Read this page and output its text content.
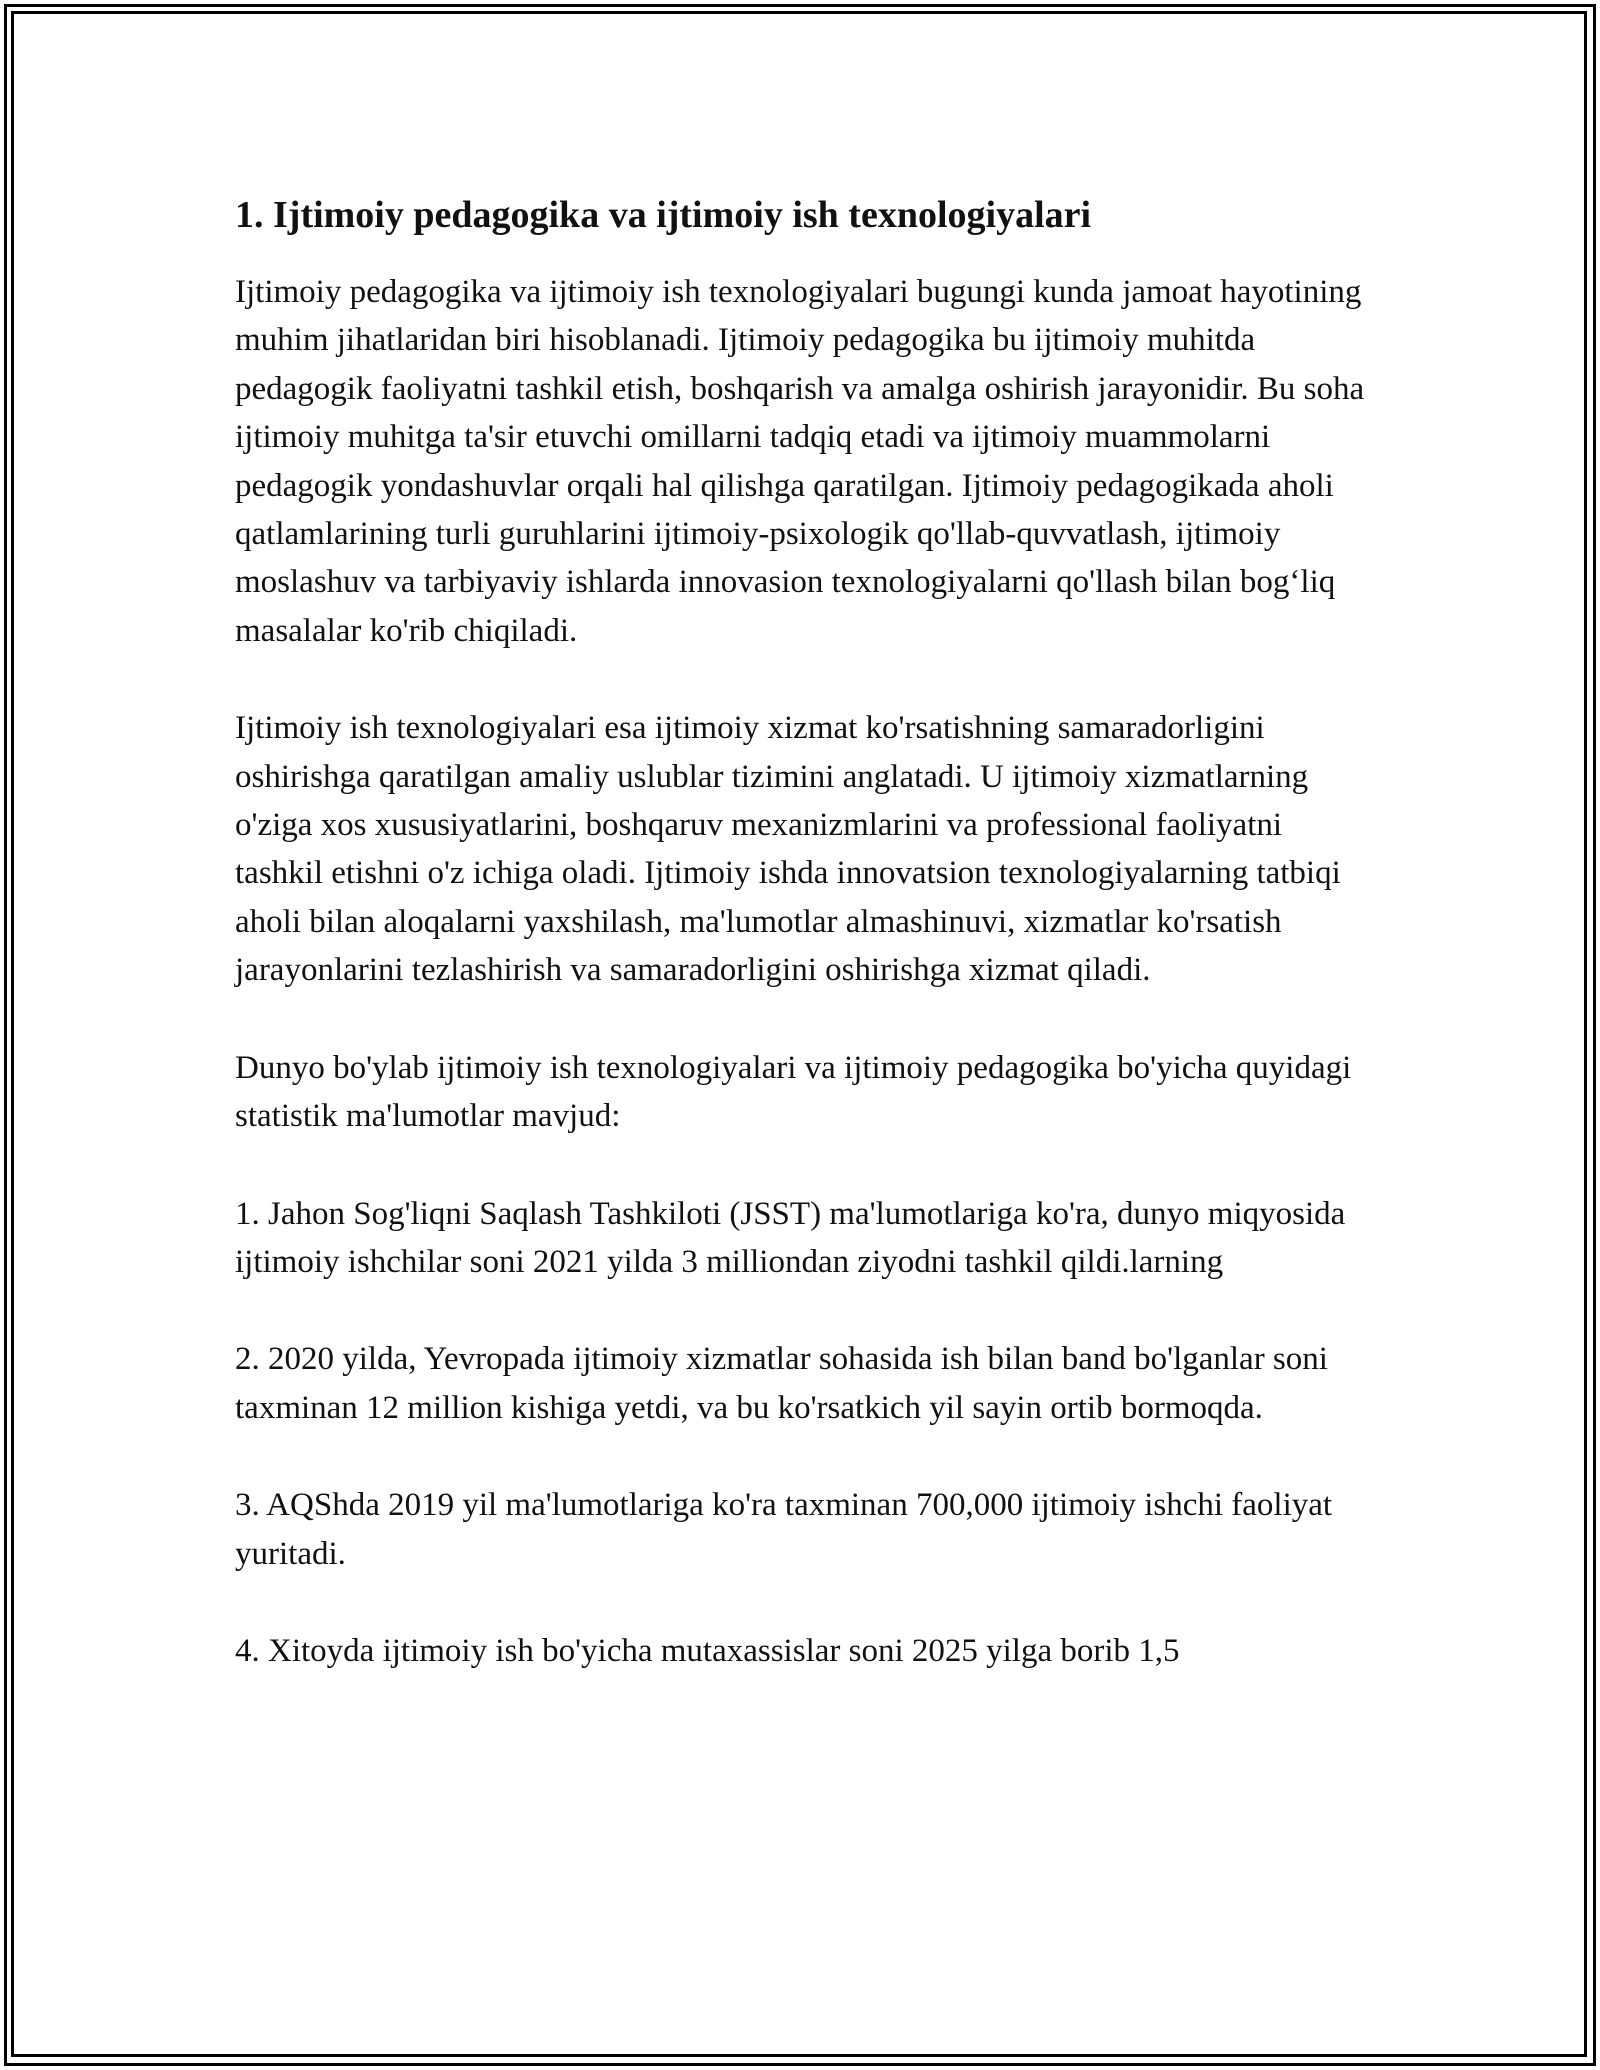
1. Ijtimoiy pedagogika va ijtimoiy ish texnologiyalari

Ijtimoiy pedagogika va ijtimoiy ish texnologiyalari bugungi kunda jamoat hayotining muhim jihatlaridan biri hisoblanadi. Ijtimoiy pedagogika bu ijtimoiy muhitda pedagogik faoliyatni tashkil etish, boshqarish va amalga oshirish jarayonidir. Bu soha ijtimoiy muhitga ta'sir etuvchi omillarni tadqiq etadi va ijtimoiy muammolarni pedagogik yondashuvlar orqali hal qilishga qaratilgan. Ijtimoiy pedagogikada aholi qatlamlarining turli guruhlarini ijtimoiy-psixologik qo'llab-quvvatlash, ijtimoiy moslashuv va tarbiyaviy ishlarda innovasion texnologiyalarni qo'llash bilan bog‘liq masalalar ko'rib chiqiladi.

Ijtimoiy ish texnologiyalari esa ijtimoiy xizmat ko'rsatishning samaradorligini oshirishga qaratilgan amaliy uslublar tizimini anglatadi. U ijtimoiy xizmatlarning o'ziga xos xususiyatlarini, boshqaruv mexanizmlarini va professional faoliyatni tashkil etishni o'z ichiga oladi. Ijtimoiy ishda innovatsion texnologiyalarning tatbiqi aholi bilan aloqalarni yaxshilash, ma'lumotlar almashinuvi, xizmatlar ko'rsatish jarayonlarini tezlashirish va samaradorligini oshirishga xizmat qiladi.

Dunyo bo'ylab ijtimoiy ish texnologiyalari va ijtimoiy pedagogika bo'yicha quyidagi statistik ma'lumotlar mavjud:

1. Jahon Sog'liqni Saqlash Tashkiloti (JSST) ma'lumotlariga ko'ra, dunyo miqyosida ijtimoiy ishchilar soni 2021 yilda 3 milliondan ziyodni tashkil qildi.larning

2. 2020 yilda, Yevropada ijtimoiy xizmatlar sohasida ish bilan band bo'lganlar soni taxminan 12 million kishiga yetdi, va bu ko'rsatkich yil sayin ortib bormoqda.

3. AQShda 2019 yil ma'lumotlariga ko'ra taxminan 700,000 ijtimoiy ishchi faoliyat yuritadi.

4. Xitoyda ijtimoiy ish bo'yicha mutaxassislar soni 2025 yilga borib 1,5
